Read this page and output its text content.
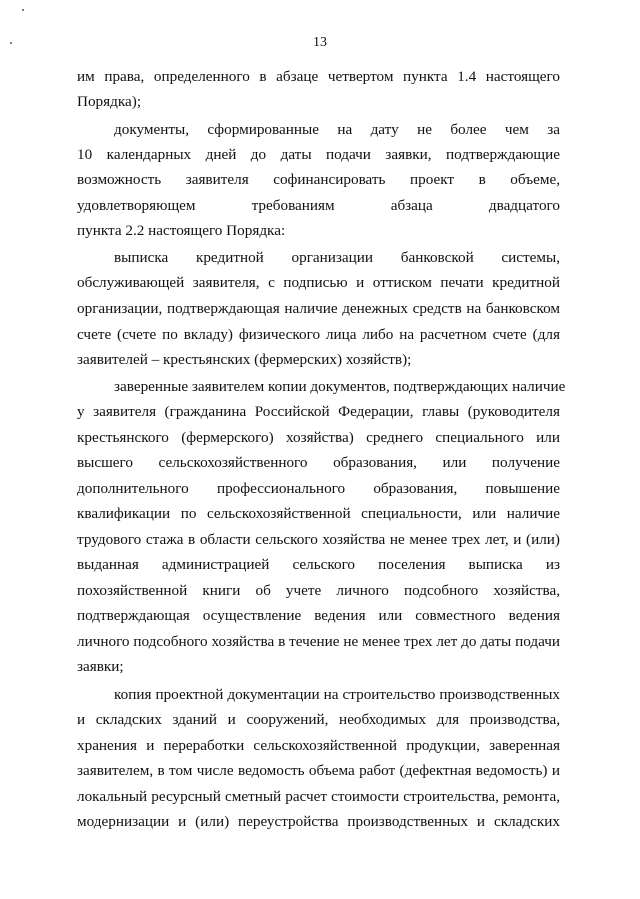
13
им права, определенного в абзаце четвертом пункта 1.4 настоящего
Порядка);
документы, сформированные на дату не более чем за
10 календарных дней до даты подачи заявки, подтверждающие
возможность заявителя софинансировать проект в объеме,
удовлетворяющем требованиям абзаца двадцатого
пункта 2.2 настоящего Порядка:
выписка кредитной организации банковской системы,
обслуживающей заявителя, с подписью и оттиском печати кредитной
организации, подтверждающая наличие денежных средств на банковском
счете (счете по вкладу) физического лица либо на расчетном счете (для
заявителей – крестьянских (фермерских) хозяйств);
заверенные заявителем копии документов, подтверждающих наличие
у заявителя (гражданина Российской Федерации, главы (руководителя
крестьянского (фермерского) хозяйства) среднего специального или
высшего сельскохозяйственного образования, или получение
дополнительного профессионального образования, повышение
квалификации по сельскохозяйственной специальности, или наличие
трудового стажа в области сельского хозяйства не менее трех лет, и (или)
выданная администрацией сельского поселения выписка из
похозяйственной книги об учете личного подсобного хозяйства,
подтверждающая осуществление ведения или совместного ведения
личного подсобного хозяйства в течение не менее трех лет до даты подачи
заявки;
копия проектной документации на строительство производственных
и складских зданий и сооружений, необходимых для производства,
хранения и переработки сельскохозяйственной продукции, заверенная
заявителем, в том числе ведомость объема работ (дефектная ведомость) и
локальный ресурсный сметный расчет стоимости строительства, ремонта,
модернизации и (или) переустройства производственных и складских
